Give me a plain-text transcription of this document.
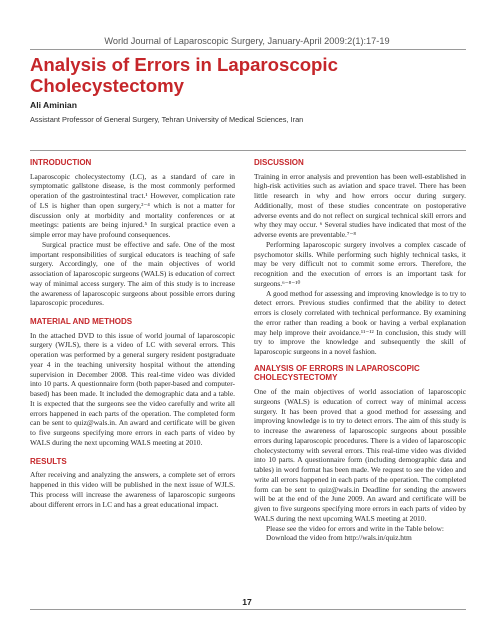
World Journal of Laparoscopic Surgery, January-April 2009:2(1):17-19
Analysis of Errors in Laparoscopic Cholecystectomy
Ali Aminian
Assistant Professor of General Surgery, Tehran University of Medical Sciences, Iran
INTRODUCTION

Laparoscopic cholecystectomy (LC), as a standard of care in symptomatic gallstone disease, is the most commonly performed operation of the gastrointestinal tract.¹ However, complication rate of LS is higher than open surgery,²⁻⁴ which is not a matter for discussion only at morbidity and mortality conferences or at meetings: patients are being injured.⁵ In surgical practice even a simple error may have profound consequences.

Surgical practice must be effective and safe. One of the most important responsibilities of surgical educators is teaching of safe surgery. Accordingly, one of the main objectives of world association of laparoscopic surgeons (WALS) is education of correct way of minimal access surgery. The aim of this study is to increase the awareness of laparoscopic surgeons about possible errors during laparoscopic procedures.

MATERIAL AND METHODS

In the attached DVD to this issue of world journal of laparoscopic surgery (WJLS), there is a video of LC with several errors. This operation was performed by a general surgery resident postgraduate year 4 in the teaching university hospital without the attending supervision in December 2008. This real-time video was divided into 10 parts. A questionnaire form (both paper-based and computer-based) has been made. It included the demographic data and a table. It is expected that the surgeons see the video carefully and write all errors happened in each parts of the operation. The completed form can be sent to quiz@wals.in. An award and certificate will be given to five surgeons specifying more errors in each parts of video by WALS during the next upcoming WALS meeting at 2010.

RESULTS

After receiving and analyzing the answers, a complete set of errors happened in this video will be published in the next issue of WJLS. This process will increase the awareness of laparoscopic surgeons about different errors in LC and has a great educational impact.

DISCUSSION

Training in error analysis and prevention has been well-established in high-risk activities such as aviation and space travel. There has been little research in why and how errors occur during surgery. Additionally, most of these studies concentrate on postoperative adverse events and do not reflect on surgical technical skill errors and why they may occur. ⁶ Several studies have indicated that most of the adverse events are preventable.⁷⁻⁸

Performing laparoscopic surgery involves a complex cascade of psychomotor skills. While performing such highly technical tasks, it may be very difficult not to commit some errors. Therefore, the recognition and the execution of errors is an important task for surgeons.⁶⁻⁸⁻¹⁰

A good method for assessing and improving knowledge is to try to detect errors. Previous studies confirmed that the ability to detect errors is closely correlated with technical performance. By examining the error rather than reading a book or having a verbal explanation may help improve their avoidance.¹¹⁻¹² In conclusion, this study will try to improve the knowledge and subsequently the skill of laparoscopic surgeons in a novel fashion.

ANALYSIS OF ERRORS IN LAPAROSCOPIC CHOLECYSTECTOMY

One of the main objectives of world association of laparoscopic surgeons (WALS) is education of correct way of minimal access surgery. It has been proved that a good method for assessing and improving knowledge is to try to detect errors. The aim of this study is to increase the awareness of laparoscopic surgeons about possible errors during laparoscopic procedures. There is a video of laparoscopic cholecystectomy with several errors. This real-time video was divided into 10 parts. A questionnaire form (including demographic data and tables) in word format has been made. We request to see the video and write all errors happened in each parts of the operation. The completed form can be sent to quiz@wals.in Deadline for sending the answers will be at the end of the June 2009. An award and certificate will be given to five surgeons specifying more errors in each parts of video by WALS during the next upcoming WALS meeting at 2010.

Please see the video for errors and write in the Table below:

Download the video from http://wals.in/quiz.htm

17
